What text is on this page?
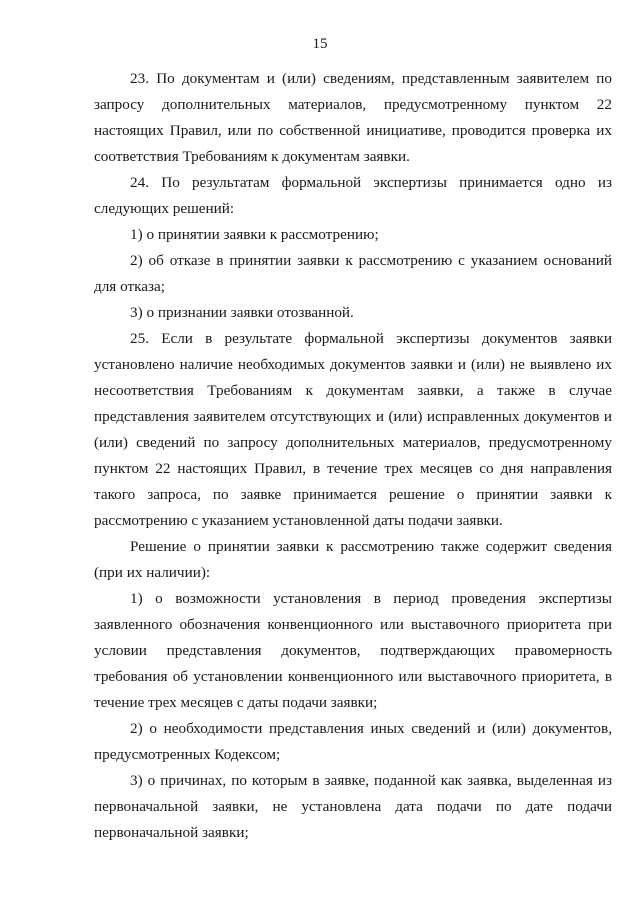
15

23. По документам и (или) сведениям, представленным заявителем по запросу дополнительных материалов, предусмотренному пунктом 22 настоящих Правил, или по собственной инициативе, проводится проверка их соответствия Требованиям к документам заявки.

24. По результатам формальной экспертизы принимается одно из следующих решений:

1) о принятии заявки к рассмотрению;

2) об отказе в принятии заявки к рассмотрению с указанием оснований для отказа;

3) о признании заявки отозванной.

25. Если в результате формальной экспертизы документов заявки установлено наличие необходимых документов заявки и (или) не выявлено их несоответствия Требованиям к документам заявки, а также в случае представления заявителем отсутствующих и (или) исправленных документов и (или) сведений по запросу дополнительных материалов, предусмотренному пунктом 22 настоящих Правил, в течение трех месяцев со дня направления такого запроса, по заявке принимается решение о принятии заявки к рассмотрению с указанием установленной даты подачи заявки.

Решение о принятии заявки к рассмотрению также содержит сведения (при их наличии):

1) о возможности установления в период проведения экспертизы заявленного обозначения конвенционного или выставочного приоритета при условии представления документов, подтверждающих правомерность требования об установлении конвенционного или выставочного приоритета, в течение трех месяцев с даты подачи заявки;

2) о необходимости представления иных сведений и (или) документов, предусмотренных Кодексом;

3) о причинах, по которым в заявке, поданной как заявка, выделенная из первоначальной заявки, не установлена дата подачи по дате подачи первоначальной заявки;
